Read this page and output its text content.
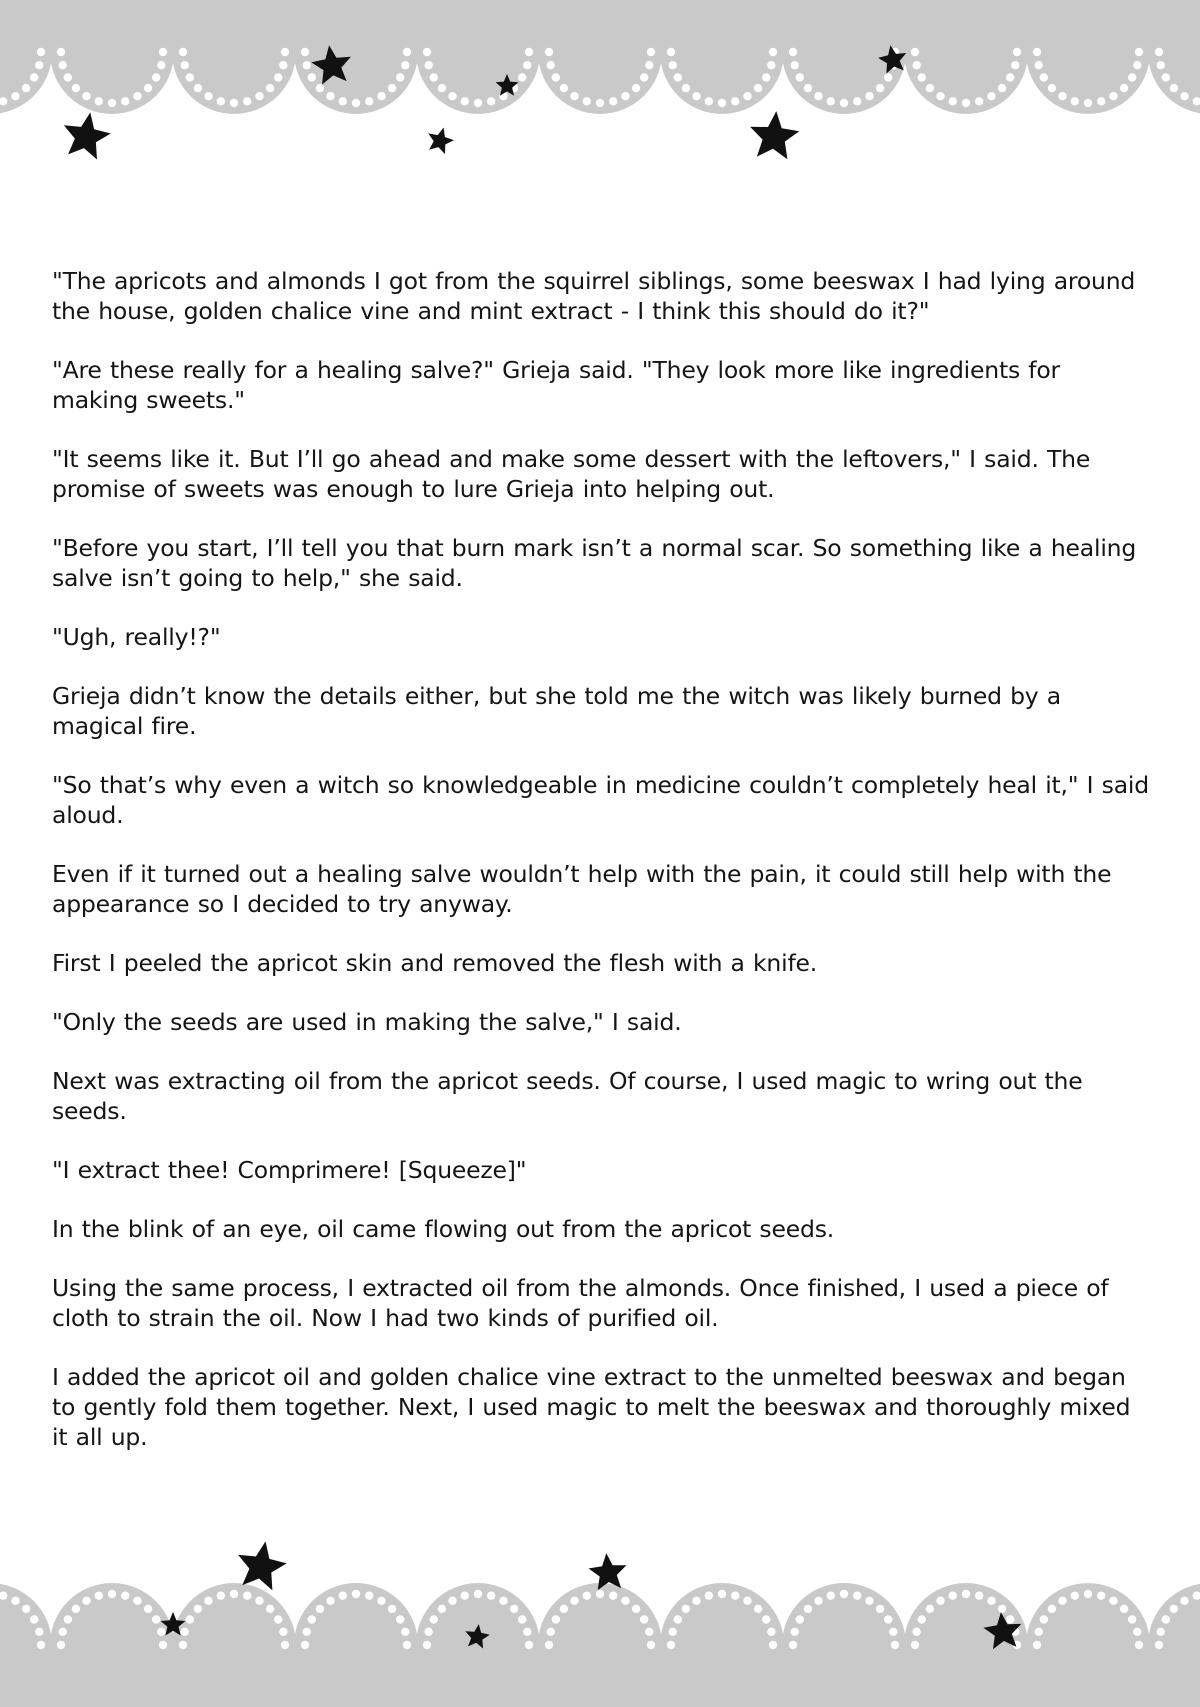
"The apricots and almonds I got from the squirrel siblings, some beeswax I had lying around the house, golden chalice vine and mint extract - I think this should do it?"

"Are these really for a healing salve?" Grieja said. "They look more like ingredients for making sweets."

"It seems like it. But I’ll go ahead and make some dessert with the leftovers," I said. The promise of sweets was enough to lure Grieja into helping out.

"Before you start, I’ll tell you that burn mark isn’t a normal scar. So something like a healing salve isn’t going to help," she said.

"Ugh, really!?"

Grieja didn’t know the details either, but she told me the witch was likely burned by a magical fire.

"So that’s why even a witch so knowledgeable in medicine couldn’t completely heal it," I said aloud.

Even if it turned out a healing salve wouldn’t help with the pain, it could still help with the appearance so I decided to try anyway.

First I peeled the apricot skin and removed the flesh with a knife.

"Only the seeds are used in making the salve," I said.

Next was extracting oil from the apricot seeds. Of course, I used magic to wring out the seeds.

"I extract thee! Comprimere! [Squeeze]"

In the blink of an eye, oil came flowing out from the apricot seeds.

Using the same process, I extracted oil from the almonds. Once finished, I used a piece of cloth to strain the oil. Now I had two kinds of purified oil.

I added the apricot oil and golden chalice vine extract to the unmelted beeswax and began to gently fold them together. Next, I used magic to melt the beeswax and thoroughly mixed it all up.
